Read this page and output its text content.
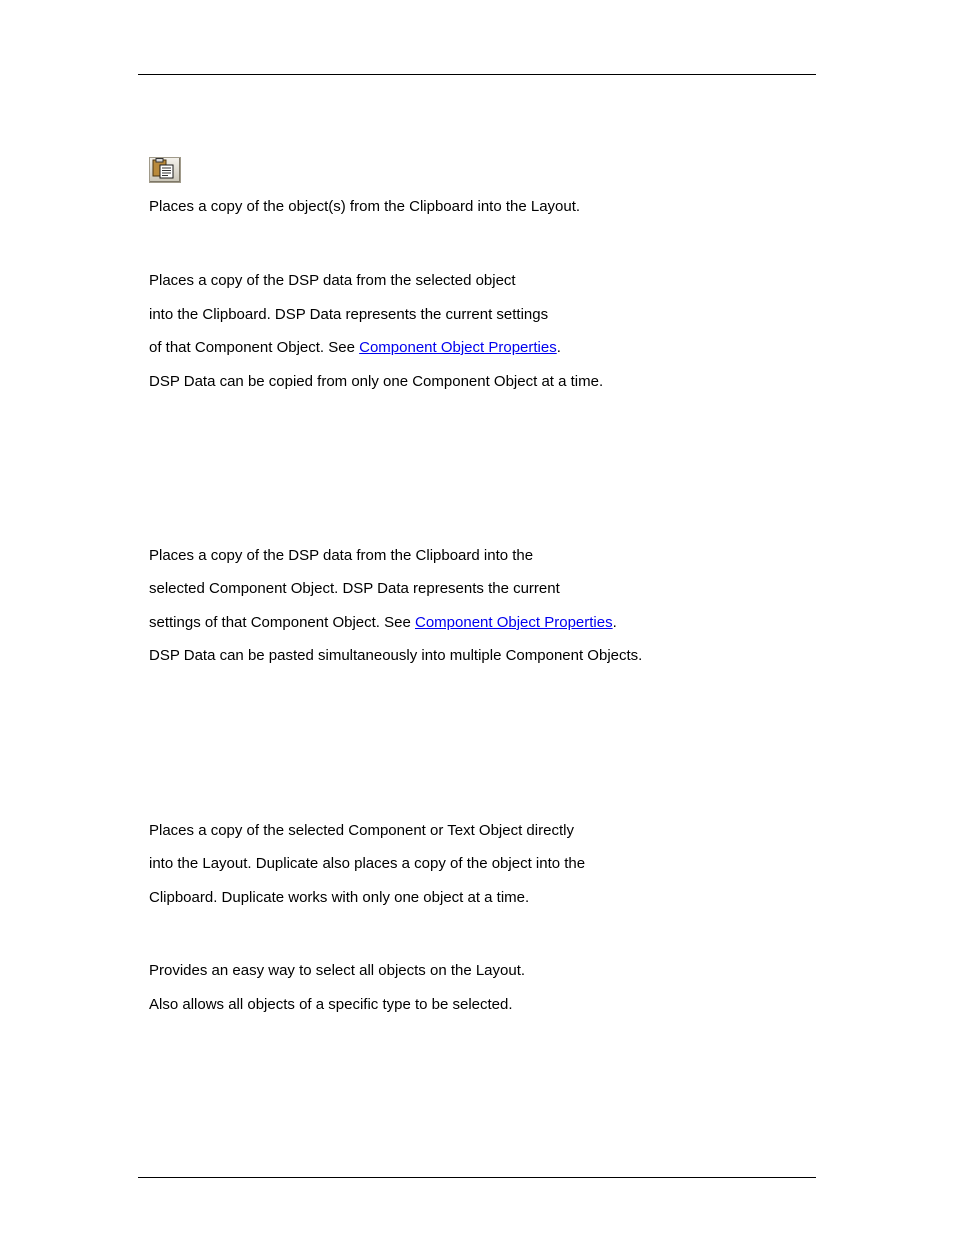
Places a copy of the object(s) from the Clipboard into the Layout.
Places a copy of the DSP data from the selected object
into the Clipboard. DSP Data represents the current settings
of that Component Object. See Component Object Properties.
DSP Data can be copied from only one Component Object at a time.
Places a copy of the DSP data from the Clipboard into the
selected Component Object. DSP Data represents the current
settings of that Component Object. See Component Object Properties.
DSP Data can be pasted simultaneously into multiple Component Objects.
Places a copy of the selected Component or Text Object directly
into the Layout. Duplicate also places a copy of the object into the
Clipboard. Duplicate works with only one object at a time.
Provides an easy way to select all objects on the Layout.
Also allows all objects of a specific type to be selected.
